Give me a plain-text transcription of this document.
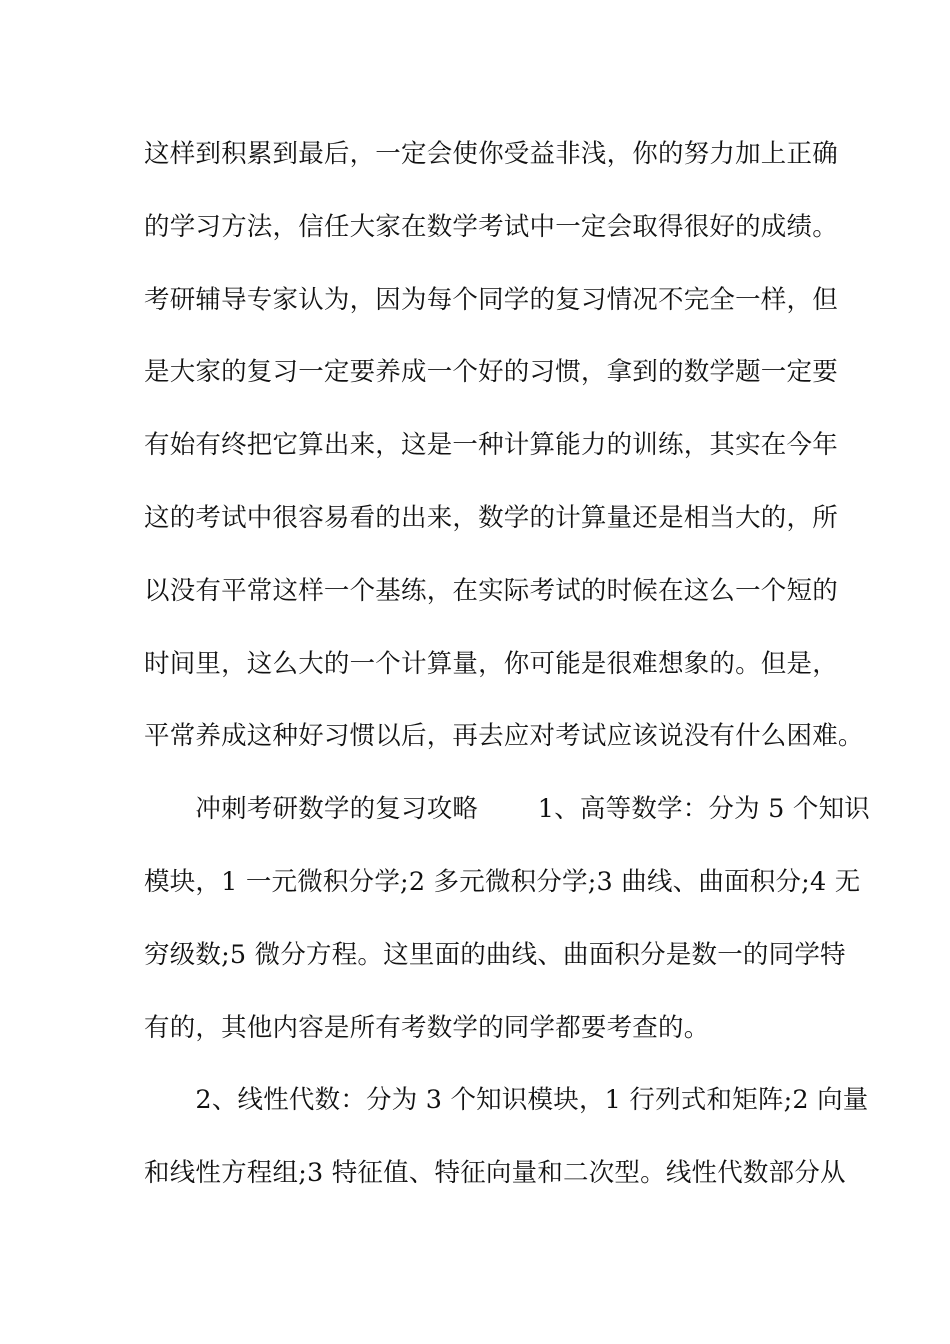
这样到积累到最后，一定会使你受益非浅，你的努力加上正确
的学习方法，信任大家在数学考试中一定会取得很好的成绩。
考研辅导专家认为，因为每个同学的复习情况不完全一样，但
是大家的复习一定要养成一个好的习惯，拿到的数学题一定要
有始有终把它算出来，这是一种计算能力的训练，其实在今年
这的考试中很容易看的出来，数学的计算量还是相当大的，所
以没有平常这样一个基练，在实际考试的时候在这么一个短的
时间里，这么大的一个计算量，你可能是很难想象的。但是，
平常养成这种好习惯以后，再去应对考试应该说没有什么困难。
　　冲刺考研数学的复习攻略　　 1、高等数学：分为 5 个知识
模块，1 一元微积分学;2 多元微积分学;3 曲线、曲面积分;4 无
穷级数;5 微分方程。这里面的曲线、曲面积分是数一的同学特
有的，其他内容是所有考数学的同学都要考查的。
　　2、线性代数：分为 3 个知识模块，1 行列式和矩阵;2 向量
和线性方程组;3 特征值、特征向量和二次型。线性代数部分从
